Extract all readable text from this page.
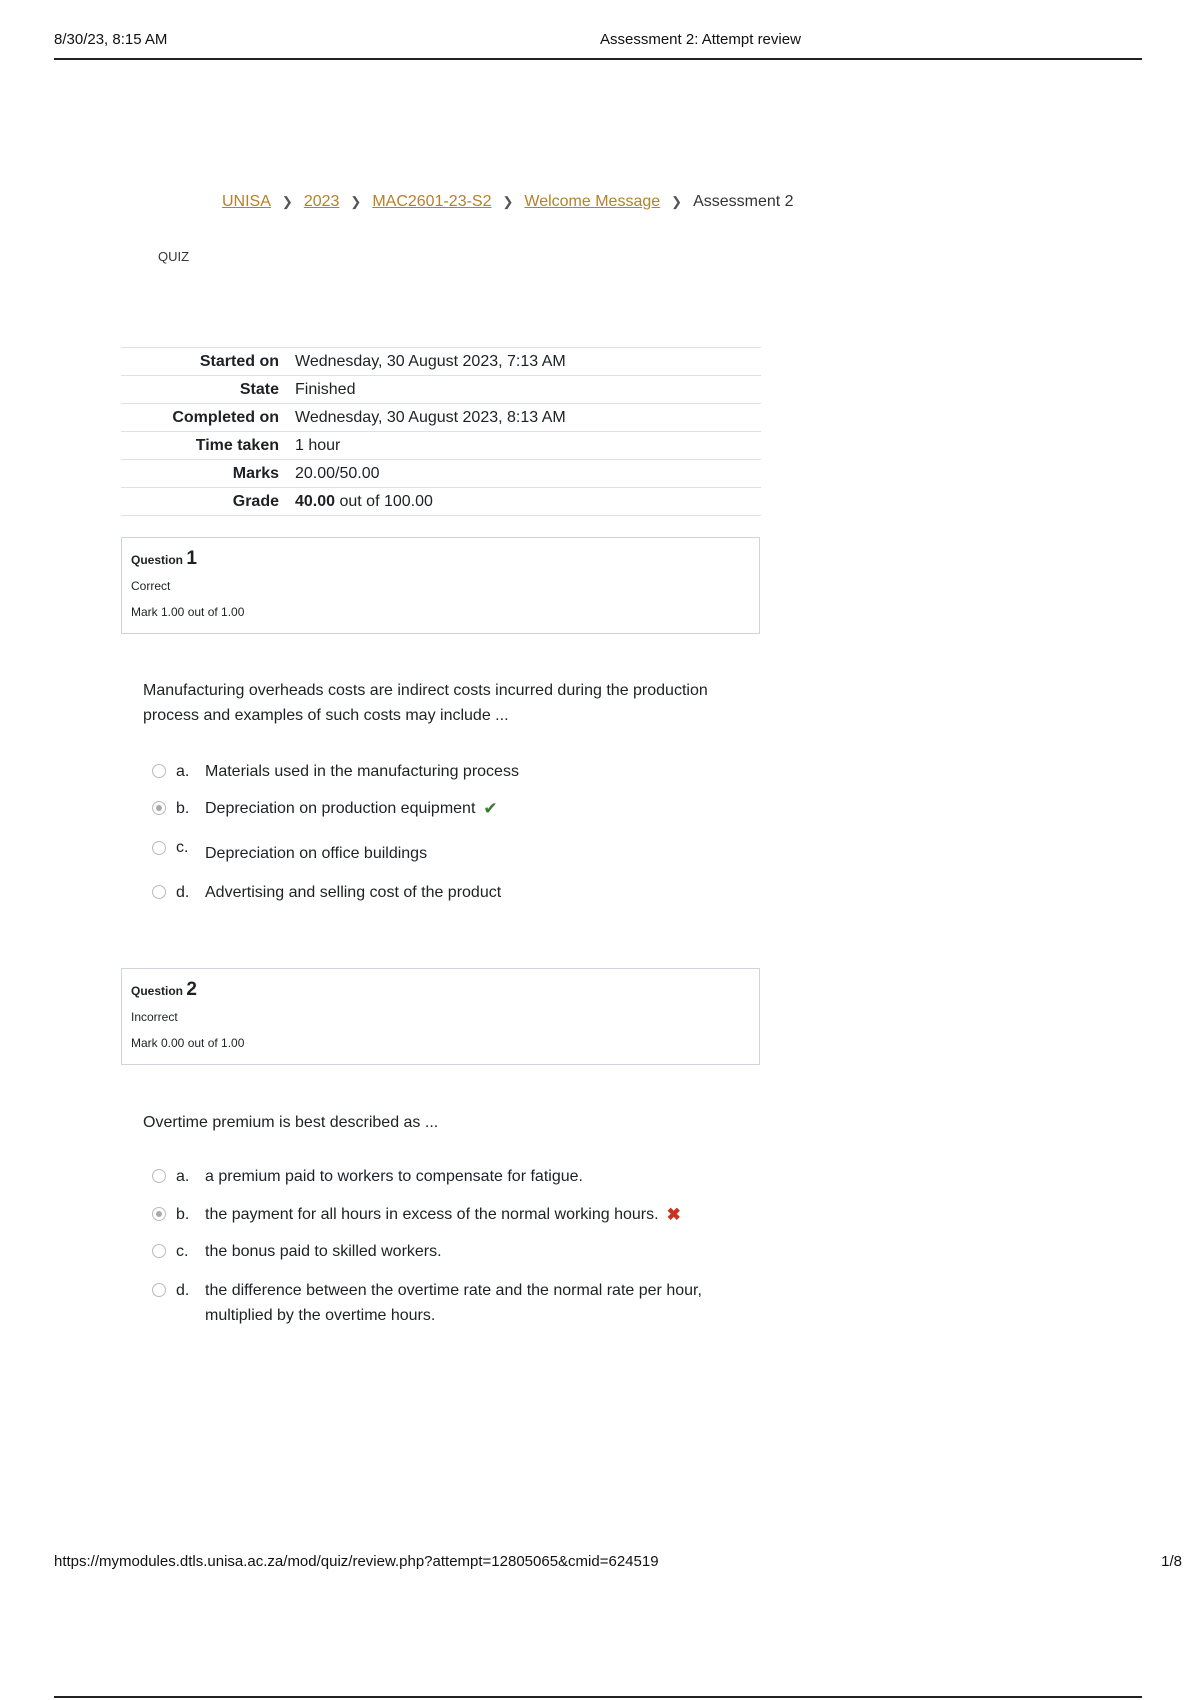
8/30/23, 8:15 AM	Assessment 2: Attempt review
UNISA ❯ 2023 ❯ MAC2601-23-S2 ❯ Welcome Message ❯ Assessment 2
QUIZ
Started on	Wednesday, 30 August 2023, 7:13 AM
State	Finished
Completed on	Wednesday, 30 August 2023, 8:13 AM
Time taken	1 hour
Marks	20.00/50.00
Grade	40.00 out of 100.00
Question 1
Correct
Mark 1.00 out of 1.00
Manufacturing overheads costs are indirect costs incurred during the production process and examples of such costs may include ...
a. Materials used in the manufacturing process
b. Depreciation on production equipment ✔
c.	Depreciation on office buildings
d. Advertising and selling cost of the product
Question 2
Incorrect
Mark 0.00 out of 1.00
Overtime premium is best described as ...
a. a premium paid to workers to compensate for fatigue.
b. the payment for all hours in excess of the normal working hours. ✖
c.	the bonus paid to skilled workers.
d. the difference between the overtime rate and the normal rate per hour, multiplied by the overtime hours.
https://mymodules.dtls.unisa.ac.za/mod/quiz/review.php?attempt=12805065&cmid=624519	1/8
